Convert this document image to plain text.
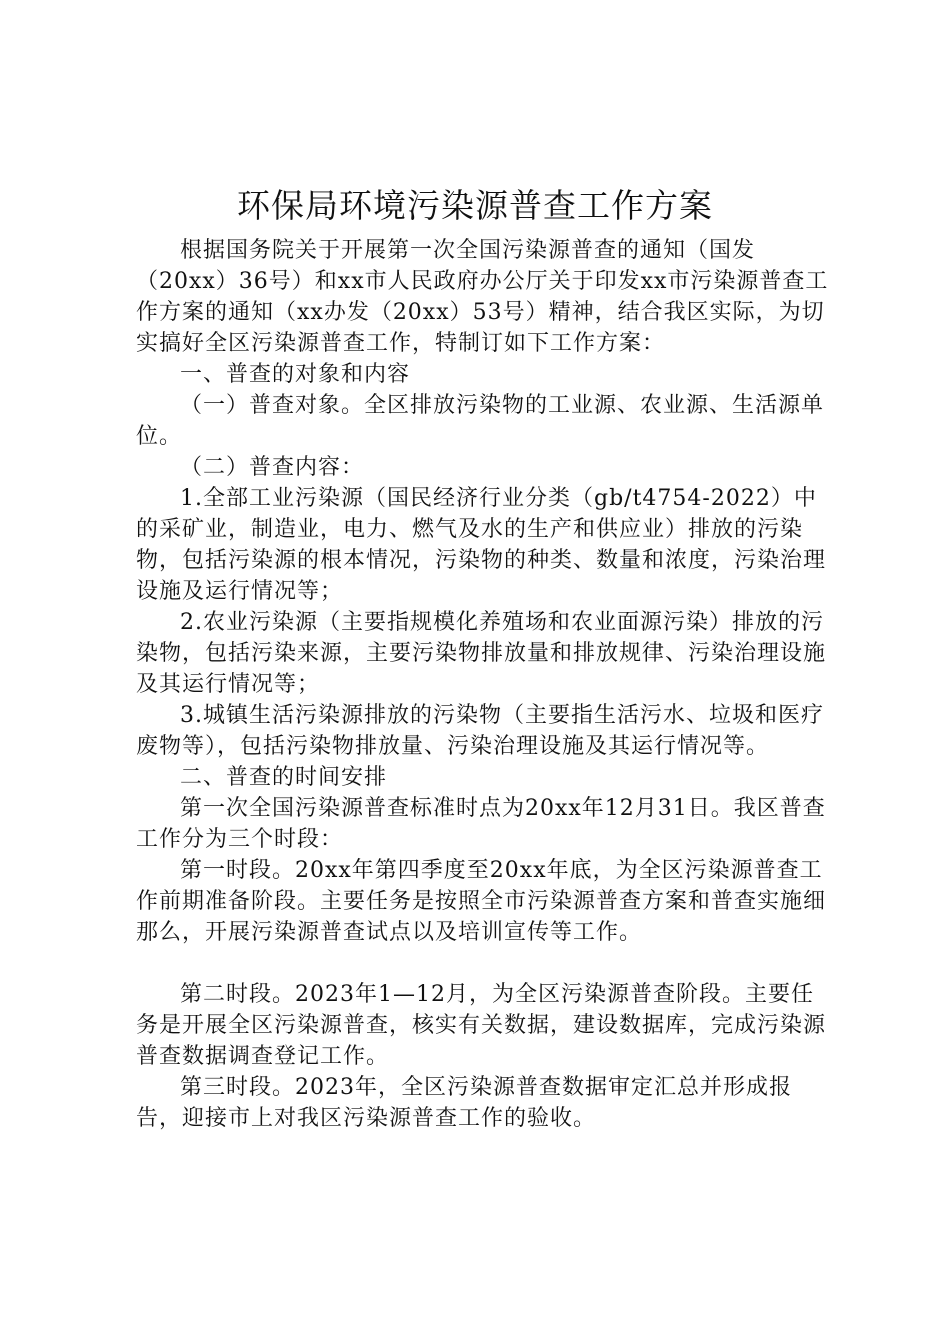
环保局环境污染源普查工作方案

根据国务院关于开展第一次全国污染源普查的通知（国发（20xx）36号）和xx市人民政府办公厅关于印发xx市污染源普查工作方案的通知（xx办发（20xx）53号）精神，结合我区实际，为切实搞好全区污染源普查工作，特制订如下工作方案：

一、普查的对象和内容

（一）普查对象。全区排放污染物的工业源、农业源、生活源单位。

（二）普查内容：

1.全部工业污染源（国民经济行业分类（gb/t4754-2022）中的采矿业，制造业，电力、燃气及水的生产和供应业）排放的污染物，包括污染源的根本情况，污染物的种类、数量和浓度，污染治理设施及运行情况等；

2.农业污染源（主要指规模化养殖场和农业面源污染）排放的污染物，包括污染来源，主要污染物排放量和排放规律、污染治理设施及其运行情况等；

3.城镇生活污染源排放的污染物（主要指生活污水、垃圾和医疗废物等），包括污染物排放量、污染治理设施及其运行情况等。

二、普查的时间安排

第一次全国污染源普查标准时点为20xx年12月31日。我区普查工作分为三个时段：

第一时段。20xx年第四季度至20xx年底，为全区污染源普查工作前期准备阶段。主要任务是按照全市污染源普查方案和普查实施细那么，开展污染源普查试点以及培训宣传等工作。

第二时段。2023年1—12月，为全区污染源普查阶段。主要任务是开展全区污染源普查，核实有关数据，建设数据库，完成污染源普查数据调查登记工作。

第三时段。2023年，全区污染源普查数据审定汇总并形成报告，迎接市上对我区污染源普查工作的验收。
